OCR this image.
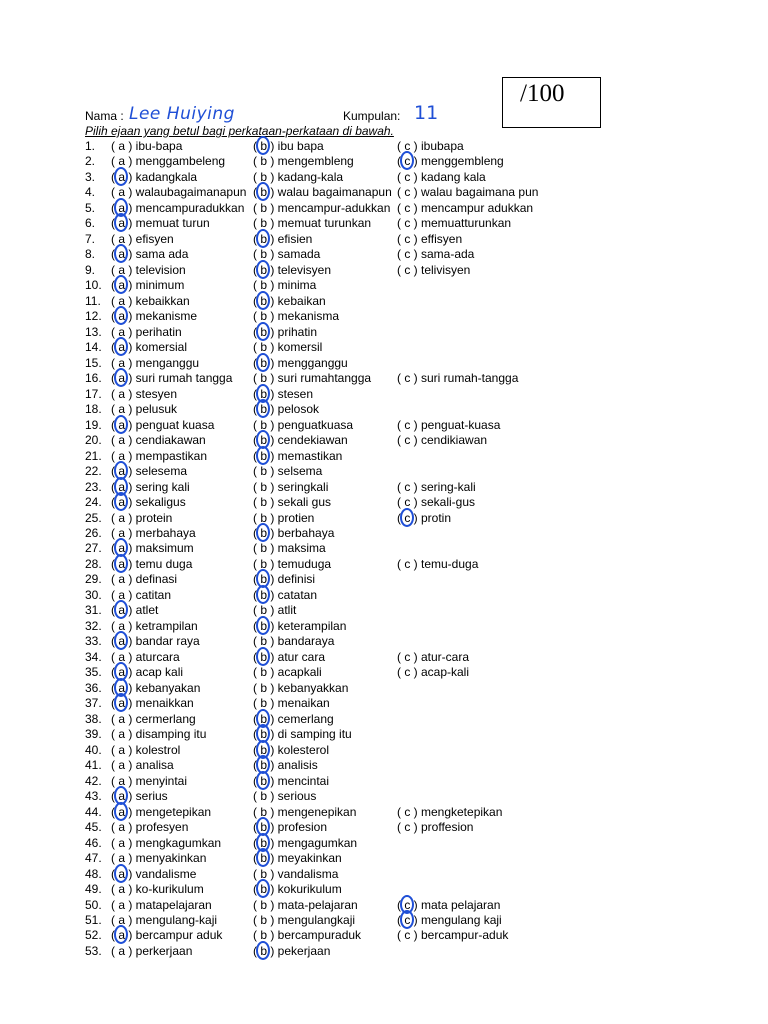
/100
Nama : Lee Huiying	Kumpulan: 11
Pilih ejaan yang betul bagi perkataan-perkataan di bawah.
1. ( a ) ibu-bapa	( b ) ibu bapa	( c ) ibubapa
2. ( a ) menggambeleng ( b ) mengembleng	( c ) menggembleng
3. ( a ) kadangkala	( b ) kadang-kala	( c ) kadang kala
4. ( a ) walaubagaimanapun ( b ) walau bagaimanapun ( c ) walau bagaimana pun
5. ( a ) mencampuradukkan ( b ) mencampur-adukkan ( c ) mencampur adukkan
6. ( a ) memuat turun	( b ) memuat turunkan ( c ) memuatturunkan
7. ( a ) efisyen	( b ) efisien	( c ) effisyen
8. ( a ) sama ada	( b ) samada	( c ) sama-ada
9. ( a ) television	( b ) televisyen	( c ) telivisyen
10. ( a ) minimum	( b ) minima
11. ( a ) kebaikkan	( b ) kebaikan
12. ( a ) mekanisme	( b ) mekanisma
13. ( a ) perihatin	( b ) prihatin
14. ( a ) komersial	( b ) komersil
15. ( a ) menganggu	( b ) mengganggu
16. ( a ) suri rumah tangga ( b ) suri rumahtangga ( c ) suri rumah-tangga
17. ( a ) stesyen	( b ) stesen
18. ( a ) pelusuk	( b ) pelosok
19. ( a ) penguat kuasa	( b ) penguatkuasa	( c ) penguat-kuasa
20. ( a ) cendiakawan	( b ) cendekiawan	( c ) cendikiawan
21. ( a ) mempastikan	( b ) memastikan
22. ( a ) selesema	( b ) selsema
23. ( a ) sering kali	( b ) seringkali	( c ) sering-kali
24. ( a ) sekaligus	( b ) sekali gus	( c ) sekali-gus
25. ( a ) protein	( b ) protien	( c ) protin
26. ( a ) merbahaya	( b ) berbahaya
27. ( a ) maksimum	( b ) maksima
28. ( a ) temu duga	( b ) temuduga	( c ) temu-duga
29. ( a ) definasi	( b ) definisi
30. ( a ) catitan	( b ) catatan
31. ( a ) atlet	( b ) atlit
32. ( a ) ketrampilan	( b ) keterampilan
33. ( a ) bandar raya	( b ) bandaraya
34. ( a ) aturcara	( b ) atur cara	( c ) atur-cara
35. ( a ) acap kali	( b ) acapkali	( c ) acap-kali
36. ( a ) kebanyakan	( b ) kebanyakkan
37. ( a ) menaikkan	( b ) menaikan
38. ( a ) cermerlang	( b ) cemerlang
39. ( a ) disamping itu	( b ) di samping itu
40. ( a ) kolestrol	( b ) kolesterol
41. ( a ) analisa	( b ) analisis
42. ( a ) menyintai	( b ) mencintai
43. ( a ) serius	( b ) serious
44. ( a ) mengetepikan	( b ) mengenepikan	( c ) mengketepikan
45. ( a ) profesyen	( b ) profesion	( c ) proffesion
46. ( a ) mengkagumkan	( b ) mengagumkan
47. ( a ) menyakinkan	( b ) meyakinkan
48. ( a ) vandalisme	( b ) vandalisma
49. ( a ) ko-kurikulum	( b ) kokurikulum
50. ( a ) matapelajaran	( b ) mata-pelajaran	( c ) mata pelajaran
51. ( a ) mengulang-kaji	( b ) mengulangkaji	( c ) mengulang kaji
52. ( a ) bercampur aduk	( b ) bercampuraduk	( c ) bercampur-aduk
53. ( a ) perkerjaan	( b ) pekerjaan
